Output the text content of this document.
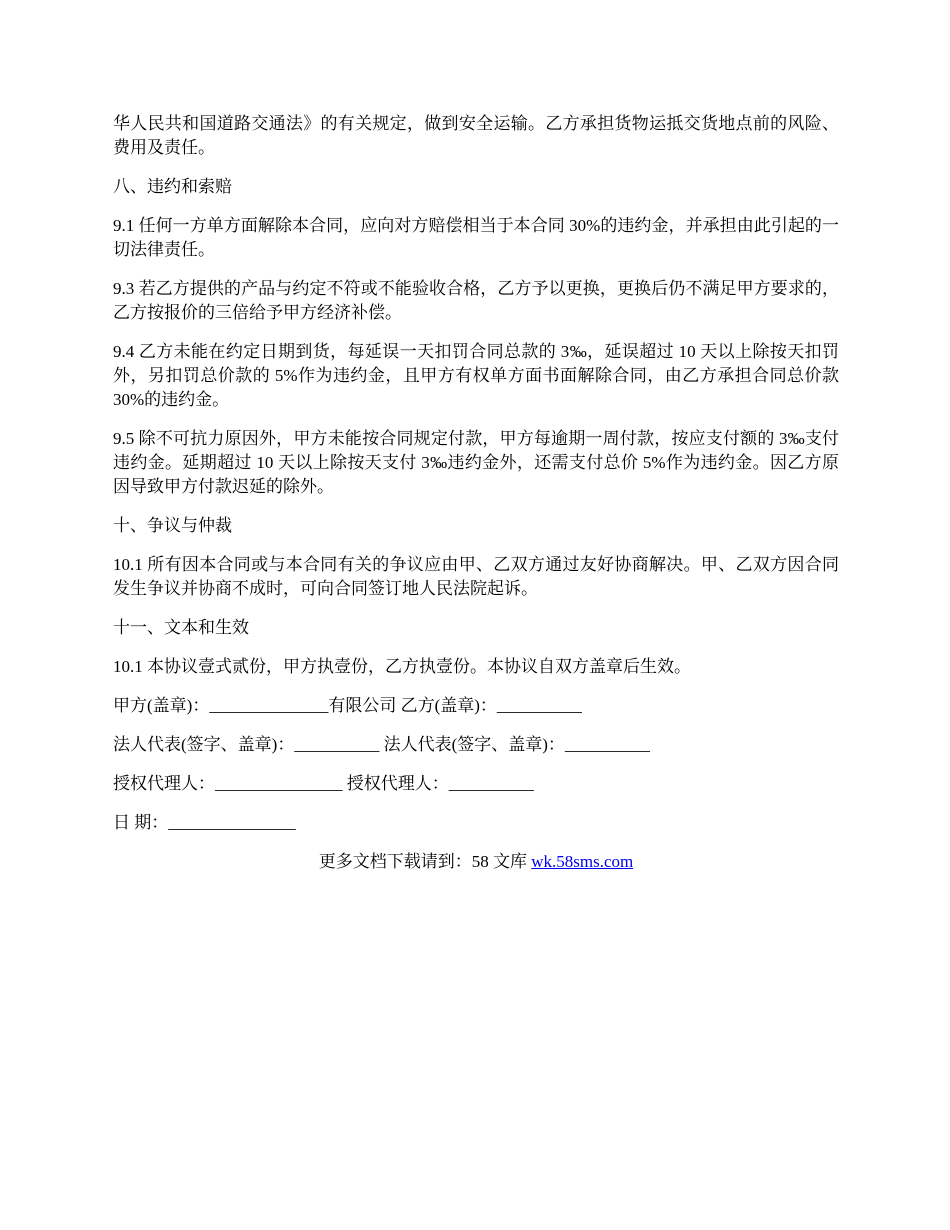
华人民共和国道路交通法》的有关规定，做到安全运输。乙方承担货物运抵交货地点前的风险、费用及责任。

八、违约和索赔

9.1 任何一方单方面解除本合同，应向对方赔偿相当于本合同 30%的违约金，并承担由此引起的一切法律责任。

9.3 若乙方提供的产品与约定不符或不能验收合格，乙方予以更换，更换后仍不满足甲方要求的，乙方按报价的三倍给予甲方经济补偿。

9.4 乙方未能在约定日期到货，每延误一天扣罚合同总款的 3‰，延误超过 10 天以上除按天扣罚外，另扣罚总价款的 5%作为违约金，且甲方有权单方面书面解除合同，由乙方承担合同总价款 30%的违约金。

9.5 除不可抗力原因外，甲方未能按合同规定付款，甲方每逾期一周付款，按应支付额的 3‰支付违约金。延期超过 10 天以上除按天支付 3‰违约金外，还需支付总价 5%作为违约金。因乙方原因导致甲方付款迟延的除外。

十、争议与仲裁

10.1 所有因本合同或与本合同有关的争议应由甲、乙双方通过友好协商解决。甲、乙双方因合同发生争议并协商不成时，可向合同签订地人民法院起诉。

十一、文本和生效

10.1 本协议壹式贰份，甲方执壹份，乙方执壹份。本协议自双方盖章后生效。

甲方(盖章)：______________有限公司 乙方(盖章)：__________

法人代表(签字、盖章)：__________ 法人代表(签字、盖章)：__________

授权代理人：_______________ 授权代理人：__________

日 期：_______________

更多文档下载请到：58 文库 wk.58sms.com
